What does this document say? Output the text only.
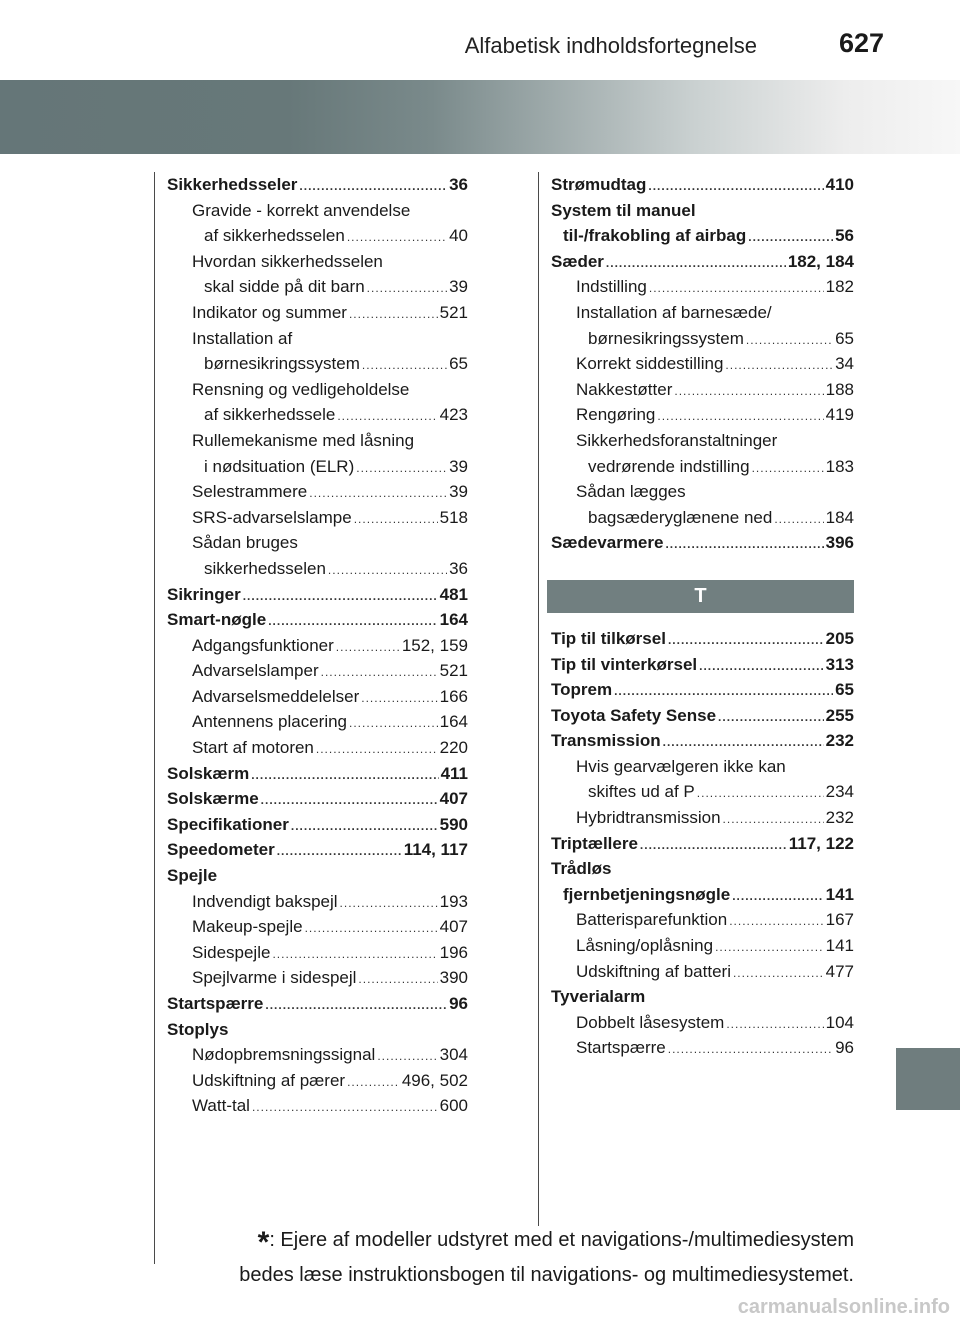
Alfabetisk indholdsfortegnelse	627
Sikkerhedsseler .....	36
Gravide - korrekt anvendelse
af sikkerhedsselen .....	40
Hvordan sikkerhedsselen
skal sidde på dit barn .....	39
Indikator og summer .....	521
Installation af
børnesikringssystem .....	65
Rensning og vedligeholdelse
af sikkerhedssele .....	423
Rullemekanisme med låsning
i nødsituation (ELR) .....	39
Selestrammere .....	39
SRS-advarselslampe .....	518
Sådan bruges
sikkerhedsselen .....	36
Sikringer .....	481
Smart-nøgle .....	164
Adgangsfunktioner .....	152, 159
Advarselslamper .....	521
Advarselsmeddelelser .....	166
Antennens placering .....	164
Start af motoren .....	220
Solskærm .....	411
Solskærme .....	407
Specifikationer .....	590
Speedometer .....	114, 117
Spejle
Indvendigt bakspejl .....	193
Makeup-spejle .....	407
Sidespejle .....	196
Spejlvarme i sidespejl .....	390
Startspærre .....	96
Stoplys
Nødopbremsningssignal .....	304
Udskiftning af pærer .....	496, 502
Watt-tal .....	600
Strømudtag .....	410
System til manuel
til-/frakobling af airbag .....	56
Sæder .....	182, 184
Indstilling .....	182
Installation af barnesæde/
børnesikringssystem .....	65
Korrekt siddestilling .....	34
Nakkestøtter .....	188
Rengøring .....	419
Sikkerhedsforanstaltninger
vedrørende indstilling .....	183
Sådan lægges
bagsæderyglænene ned .....	184
Sædevarmere .....	396
T
Tip til tilkørsel .....	205
Tip til vinterkørsel .....	313
Toprem .....	65
Toyota Safety Sense .....	255
Transmission .....	232
Hvis gearvælgeren ikke kan
skiftes ud af P .....	234
Hybridtransmission .....	232
Triptællere .....	117, 122
Trådløs
fjernbetjeningsnøgle .....	141
Batterisparefunktion .....	167
Låsning/oplåsning .....	141
Udskiftning af batteri .....	477
Tyverialarm
Dobbelt låsesystem .....	104
Startspærre .....	96
*: Ejere af modeller udstyret med et navigations-/multimediesystem
bedes læse instruktionsbogen til navigations- og multimediesystemet.
carmanualsonline.info
